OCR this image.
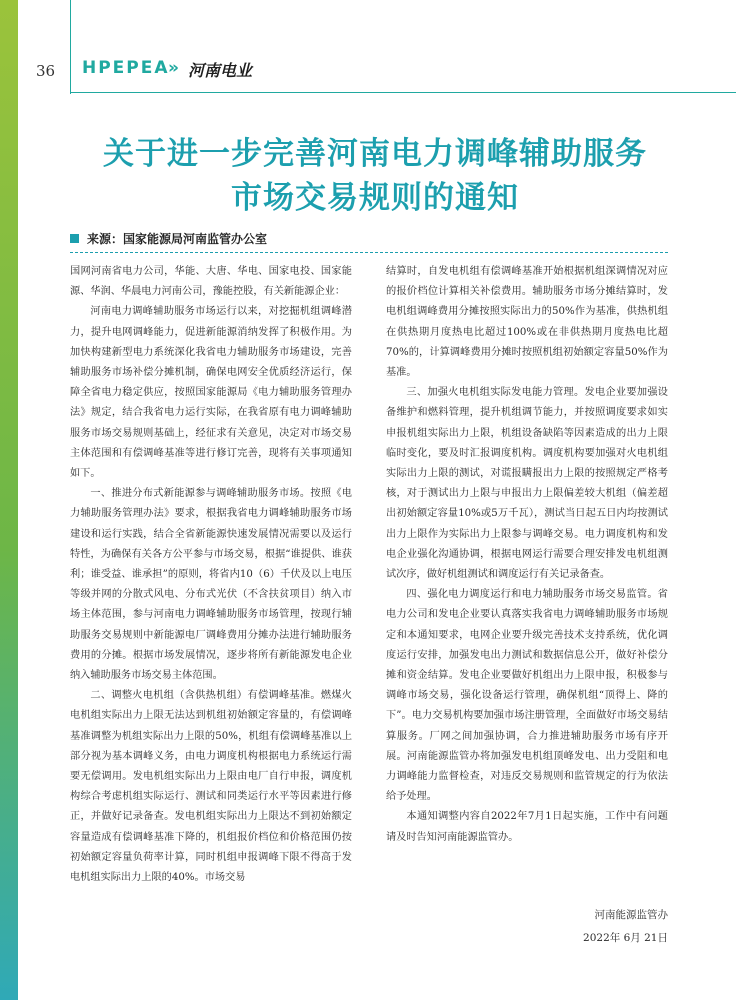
36 HPEPEA
» 河南电业
关于进一步完善河南电力调峰辅助服务
市场交易规则的通知
来源：国家能源局河南监管办公室

国网河南省电力公司，华能、大唐、华电、国家电投、国家能源、华润、华晨电力河南公司，豫能控股，有关新能源企业：

河南电力调峰辅助服务市场运行以来，对挖掘机组调峰潜力，提升电网调峰能力，促进新能源消纳发挥了积极作用。为加快构建新型电力系统深化我省电力辅助服务市场建设，完善辅助服务市场补偿分摊机制，确保电网安全优质经济运行，保障全省电力稳定供应，按照国家能源局《电力辅助服务管理办法》规定，结合我省电力运行实际，在我省原有电力调峰辅助服务市场交易规则基础上，经征求有关意见，决定对市场交易主体范围和有偿调峰基准等进行修订完善，现将有关事项通知如下。

一、推进分布式新能源参与调峰辅助服务市场。按照《电力辅助服务管理办法》要求，根据我省电力调峰辅助服务市场建设和运行实践，结合全省新能源快速发展情况需要以及运行特性，为确保有关各方公平参与市场交易，根据“谁提供、谁获利；谁受益、谁承担”的原则，将省内10（6）千伏及以上电压等级并网的分散式风电、分布式光伏（不含扶贫项目）纳入市场主体范围，参与河南电力调峰辅助服务市场管理，按现行辅助服务交易规则中新能源电厂调峰费用分摊办法进行辅助服务费用的分摊。根据市场发展情况，逐步将所有新能源发电企业纳入辅助服务市场交易主体范围。

二、调整火电机组（含供热机组）有偿调峰基准。燃煤火电机组实际出力上限无法达到机组初始额定容量的，有偿调峰基准调整为机组实际出力上限的50%，机组有偿调峰基准以上部分视为基本调峰义务，由电力调度机构根据电力系统运行需要无偿调用。发电机组实际出力上限由电厂自行申报，调度机构综合考虑机组实际运行、测试和同类运行水平等因素进行修正，并做好记录备查。发电机组实际出力上限达不到初始额定容量造成有偿调峰基准下降的，机组报价档位和价格范围仍按初始额定容量负荷率计算，同时机组申报调峰下限不得高于发电机组实际出力上限的40%。市场交易

结算时，自发电机组有偿调峰基准开始根据机组深调情况对应的报价档位计算相关补偿费用。辅助服务市场分摊结算时，发电机组调峰费用分摊按照实际出力的50%作为基准，供热机组在供热期月度热电比超过100%或在非供热期月度热电比超70%的，计算调峰费用分摊时按照机组初始额定容量50%作为基准。

三、加强火电机组实际发电能力管理。发电企业要加强设备维护和燃料管理，提升机组调节能力，并按照调度要求如实申报机组实际出力上限，机组设备缺陷等因素造成的出力上限临时变化，要及时汇报调度机构。调度机构要加强对火电机组实际出力上限的测试，对谎报瞒报出力上限的按照规定严格考核，对于测试出力上限与申报出力上限偏差较大机组（偏差超出初始额定容量10%或5万千瓦），测试当日起五日内均按测试出力上限作为实际出力上限参与调峰交易。电力调度机构和发电企业强化沟通协调，根据电网运行需要合理安排发电机组测试次序，做好机组测试和调度运行有关记录备查。

四、强化电力调度运行和电力辅助服务市场交易监管。省电力公司和发电企业要认真落实我省电力调峰辅助服务市场规定和本通知要求，电网企业要升级完善技术支持系统，优化调度运行安排，加强发电出力测试和数据信息公开，做好补偿分摊和资金结算。发电企业要做好机组出力上限申报，积极参与调峰市场交易，强化设备运行管理，确保机组“顶得上、降的下”。电力交易机构要加强市场注册管理，全面做好市场交易结算服务。厂网之间加强协调，合力推进辅助服务市场有序开展。河南能源监管办将加强发电机组顶峰发电、出力受阻和电力调峰能力监督检查，对违反交易规则和监管规定的行为依法给予处理。

本通知调整内容自2022年7月1日起实施，工作中有问题请及时告知河南能源监管办。

河南能源监管办
2022年 6月 21日
